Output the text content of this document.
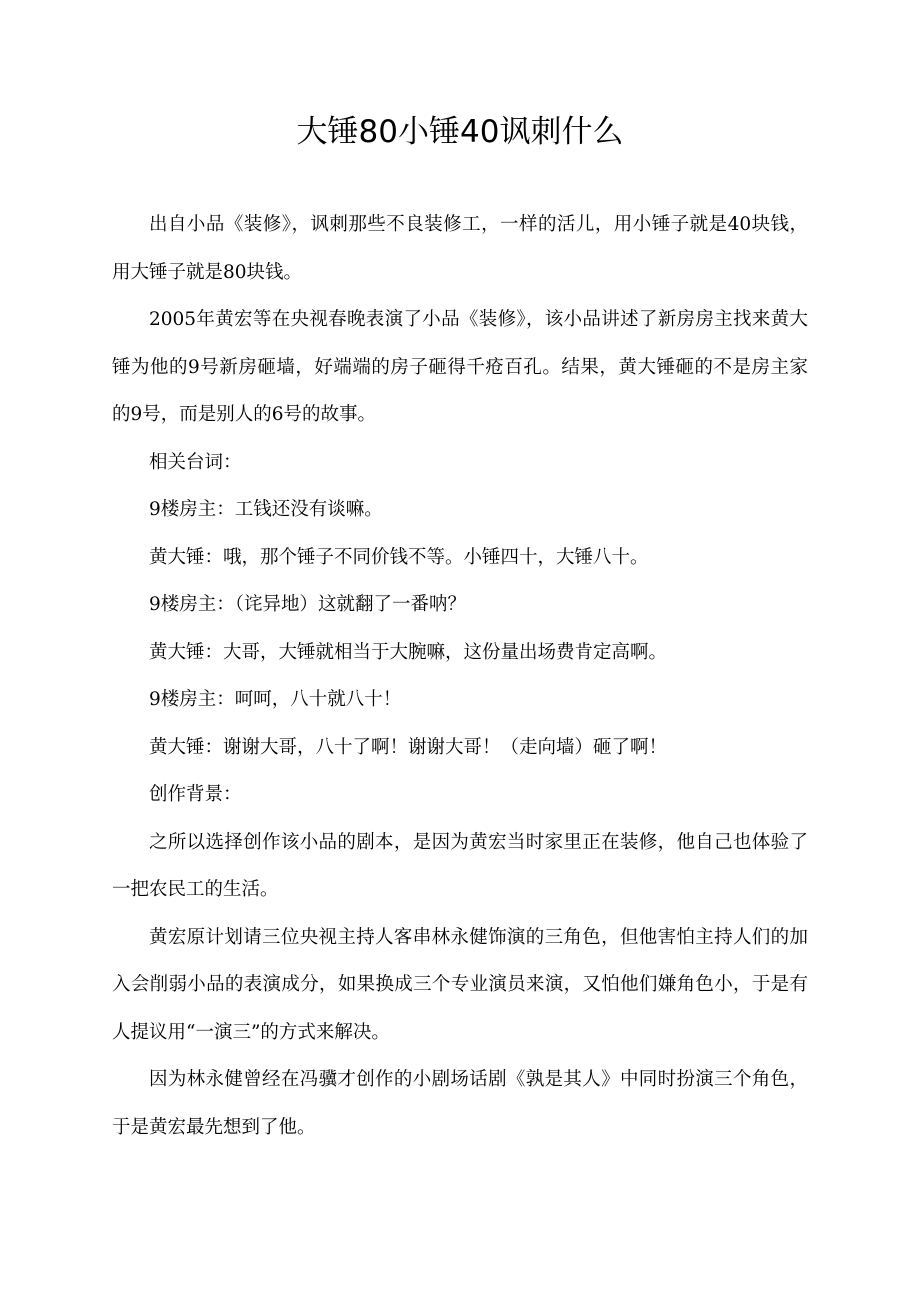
大锤80小锤40讽刺什么

出自小品《装修》，讽刺那些不良装修工，一样的活儿，用小锤子就是40块钱，用大锤子就是80块钱。

2005年黄宏等在央视春晚表演了小品《装修》，该小品讲述了新房房主找来黄大锤为他的9号新房砸墙，好端端的房子砸得千疮百孔。结果，黄大锤砸的不是房主家的9号，而是别人的6号的故事。

相关台词：

9楼房主：工钱还没有谈嘛。

黄大锤：哦，那个锤子不同价钱不等。小锤四十，大锤八十。

9楼房主：（诧异地）这就翻了一番呐？

黄大锤：大哥，大锤就相当于大腕嘛，这份量出场费肯定高啊。

9楼房主：呵呵，八十就八十！

黄大锤：谢谢大哥，八十了啊！谢谢大哥！（走向墙）砸了啊！

创作背景：

之所以选择创作该小品的剧本，是因为黄宏当时家里正在装修，他自己也体验了一把农民工的生活。

黄宏原计划请三位央视主持人客串林永健饰演的三角色，但他害怕主持人们的加入会削弱小品的表演成分，如果换成三个专业演员来演，又怕他们嫌角色小，于是有人提议用“一演三”的方式来解决。

因为林永健曾经在冯骥才创作的小剧场话剧《孰是其人》中同时扮演三个角色，于是黄宏最先想到了他。
